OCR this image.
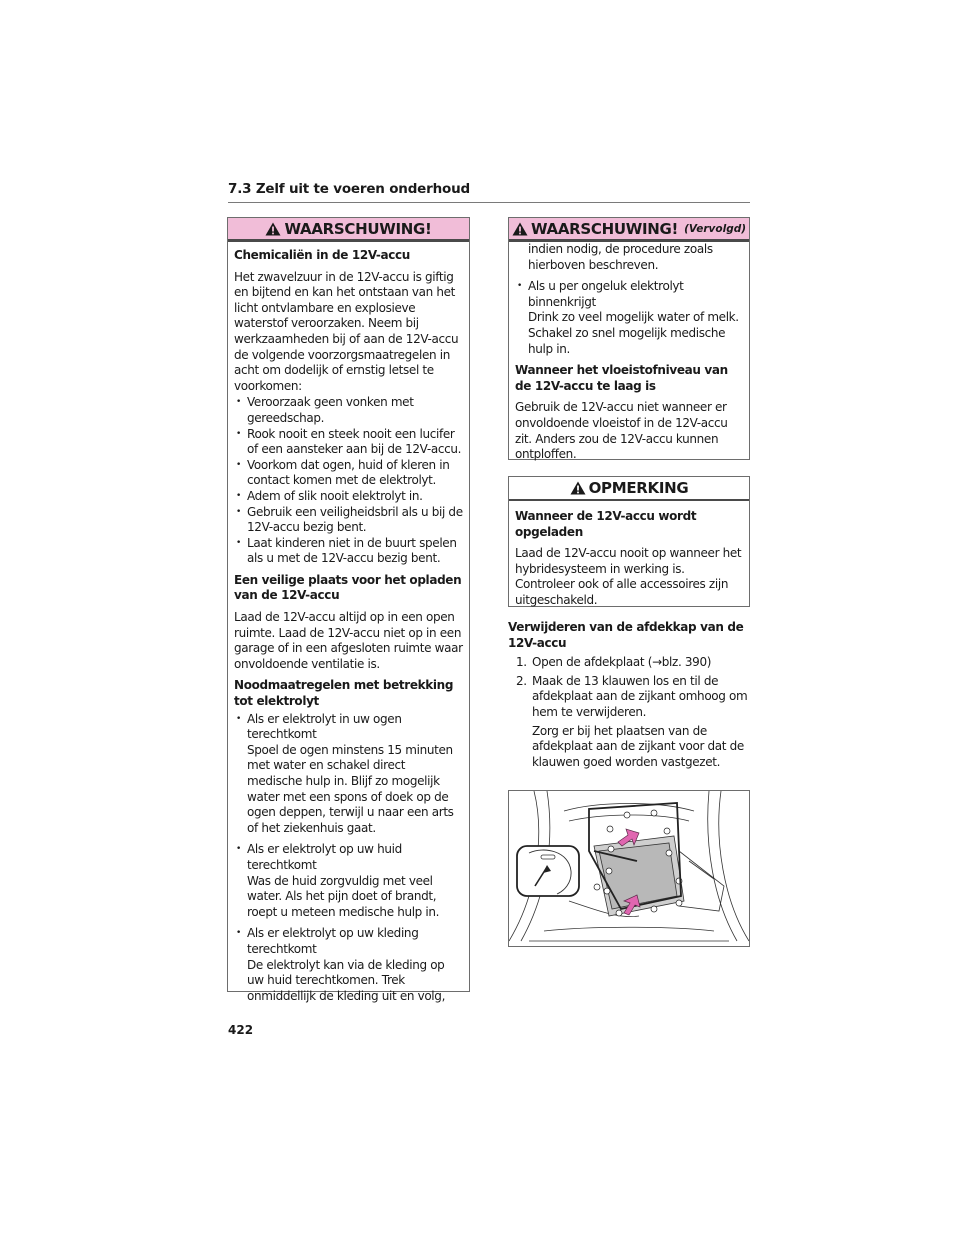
7.3 Zelf uit te voeren onderhoud
WAARSCHUWING!

Chemicaliën in de 12V-accu

Het zwavelzuur in de 12V-accu is giftig en bijtend en kan het ontstaan van het licht ontvlambare en explosieve waterstof veroorzaken. Neem bij werkzaamheden bij of aan de 12V-accu de volgende voorzorgsmaatregelen in acht om dodelijk of ernstig letsel te voorkomen:

• Veroorzaak geen vonken met gereedschap.
• Rook nooit en steek nooit een lucifer of een aansteker aan bij de 12V-accu.
• Voorkom dat ogen, huid of kleren in contact komen met de elektrolyt.
• Adem of slik nooit elektrolyt in.
• Gebruik een veiligheidsbril als u bij de 12V-accu bezig bent.
• Laat kinderen niet in de buurt spelen als u met de 12V-accu bezig bent.

Een veilige plaats voor het opladen van de 12V-accu

Laad de 12V-accu altijd op in een open ruimte. Laad de 12V-accu niet op in een garage of in een afgesloten ruimte waar onvoldoende ventilatie is.

Noodmaatregelen met betrekking tot elektrolyt

• Als er elektrolyt in uw ogen terechtkomt

Spoel de ogen minstens 15 minuten met water en schakel direct medische hulp in. Blijf zo mogelijk water met een spons of doek op de ogen deppen, terwijl u naar een arts of het ziekenhuis gaat.

• Als er elektrolyt op uw huid terechtkomt

Was de huid zorgvuldig met veel water. Als het pijn doet of brandt, roept u meteen medische hulp in.

• Als er elektrolyt op uw kleding terechtkomt

De elektrolyt kan via de kleding op uw huid terechtkomen. Trek onmiddellijk de kleding uit en volg,

WAARSCHUWING! (Vervolgd)

indien nodig, de procedure zoals hierboven beschreven.

• Als u per ongeluk elektrolyt binnenkrijgt

Drink zo veel mogelijk water of melk. Schakel zo snel mogelijk medische hulp in.

Wanneer het vloeistofniveau van de 12V-accu te laag is

Gebruik de 12V-accu niet wanneer er onvoldoende vloeistof in de 12V-accu zit. Anders zou de 12V-accu kunnen ontploffen.

OPMERKING

Wanneer de 12V-accu wordt opgeladen

Laad de 12V-accu nooit op wanneer het hybridesysteem in werking is. Controleer ook of alle accessoires zijn uitgeschakeld.

Verwijderen van de afdekkap van de 12V-accu

1. Open de afdekplaat (→blz. 390)
2. Maak de 13 klauwen los en til de afdekplaat aan de zijkant omhoog om hem te verwijderen.

Zorg er bij het plaatsen van de afdekplaat aan de zijkant voor dat de klauwen goed worden vastgezet.

422
